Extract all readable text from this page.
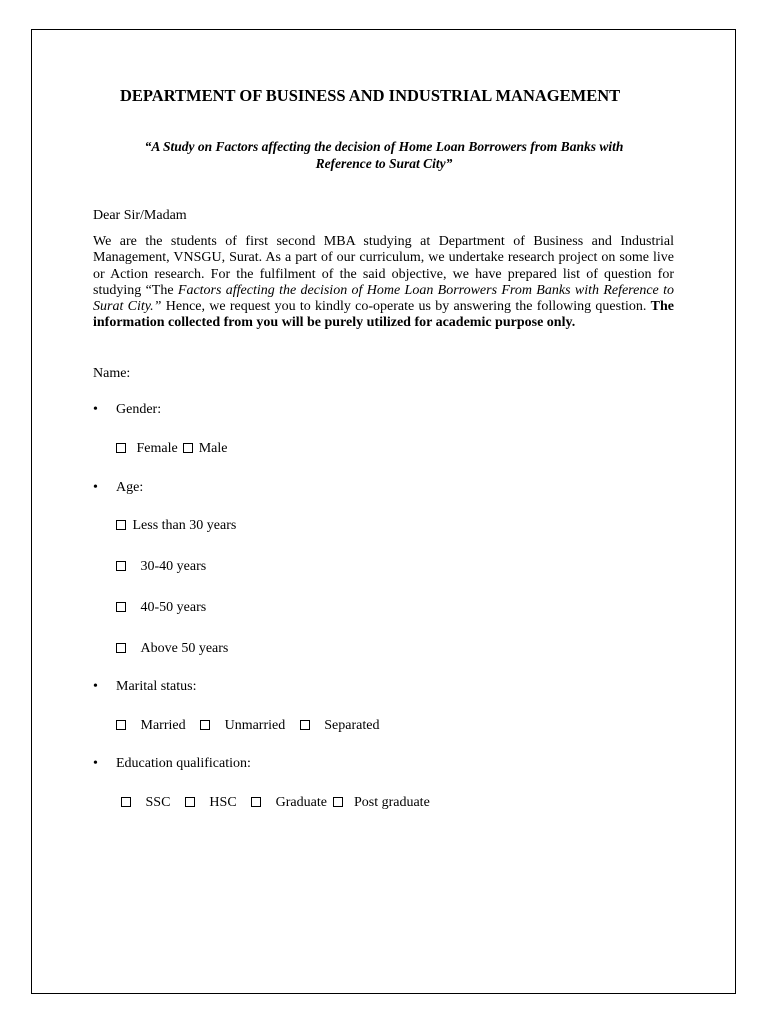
DEPARTMENT OF BUSINESS AND INDUSTRIAL MANAGEMENT
“A Study on Factors affecting the decision of Home Loan Borrowers from Banks with
Reference to Surat City”
Dear Sir/Madam
We are the students of first second MBA studying at Department of Business and Industrial Management, VNSGU, Surat. As a part of our curriculum, we undertake research project on some live or Action research. For the fulfilment of the said objective, we have prepared list of question for studying “The Factors affecting the decision of Home Loan Borrowers From Banks with Reference to Surat City.” Hence, we request you to kindly co-operate us by answering the following question. The information collected from you will be purely utilized for academic purpose only.
Name:
• Gender:
Female Male
• Age:
Less than 30 years
30-40 years
40-50 years
Above 50 years
• Marital status:
Married	Unmarried	Separated
• Education qualification:
SSC	HSC	Graduate Post graduate
